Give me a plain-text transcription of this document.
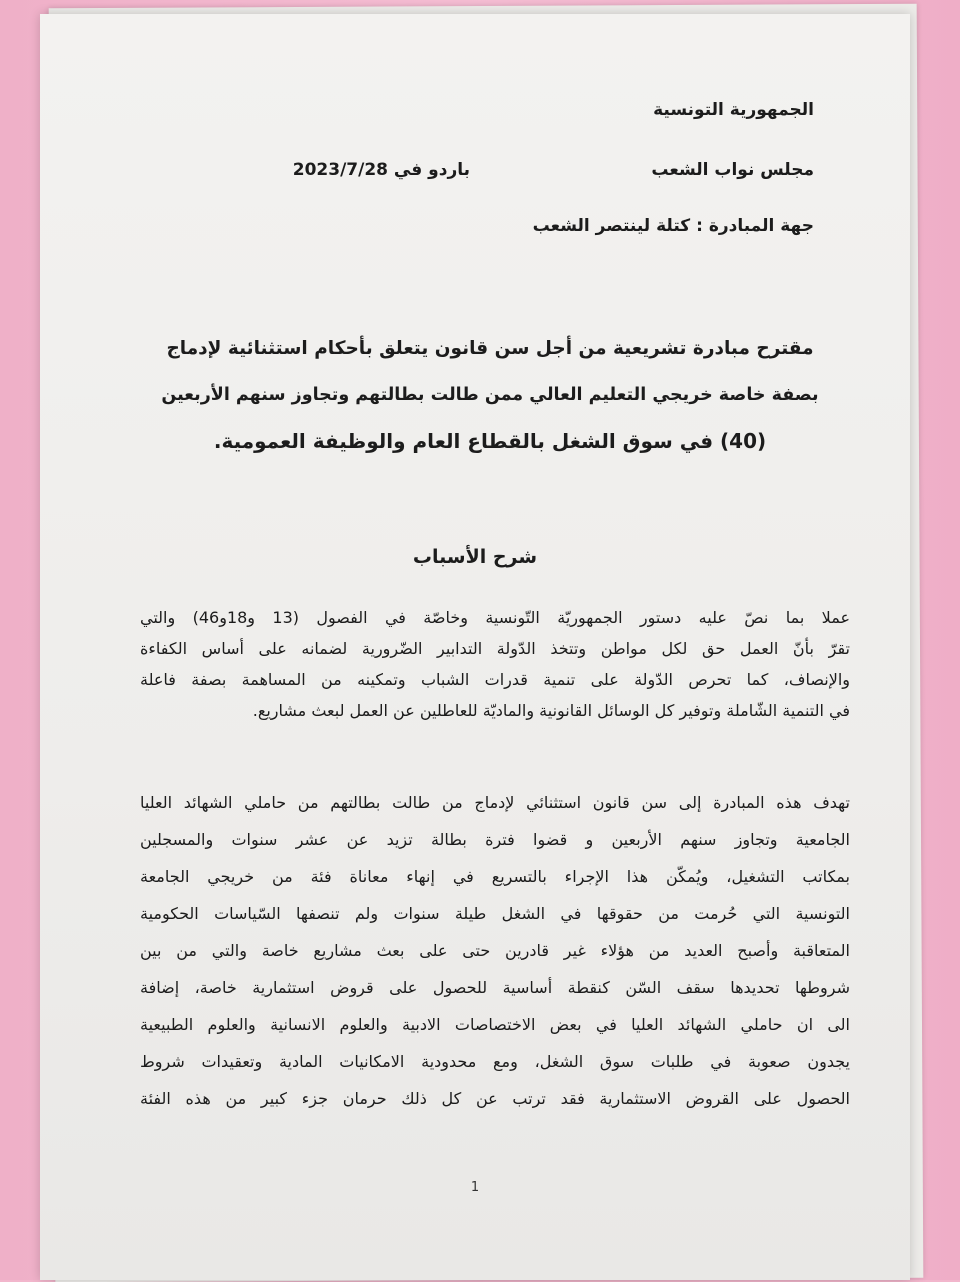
الجمهورية التونسية
مجلس نواب الشعب
باردو في 2023/7/28
جهة المبادرة : كتلة لينتصر الشعب
مقترح مبادرة تشريعية من أجل سن قانون يتعلق بأحكام استثنائية لإدماج
بصفة خاصة خريجي التعليم العالي ممن طالت بطالتهم وتجاوز سنهم الأربعين
(40) في سوق الشغل بالقطاع العام والوظيفة العمومية.
شرح الأسباب
عملا بما نصّ عليه دستور الجمهوريّة التّونسية وخاصّة في الفصول (13 و18و46) والتي
تقرّ بأنّ العمل حق لكل مواطن وتتخذ الدّولة التدابير الضّرورية لضمانه على أساس الكفاءة
والإنصاف، كما تحرص الدّولة على تنمية قدرات الشباب وتمكينه من المساهمة بصفة فاعلة
في التنمية الشّاملة وتوفير كل الوسائل القانونية والماديّة للعاطلين عن العمل لبعث مشاريع.
تهدف هذه المبادرة إلى سن قانون استثنائي لإدماج من طالت بطالتهم من حاملي الشهائد العليا
الجامعية وتجاوز سنهم الأربعين و قضوا فترة بطالة تزيد عن عشر سنوات والمسجلين
بمكاتب التشغيل، ويُمكّن هذا الإجراء بالتسريع في إنهاء معاناة فئة من خريجي الجامعة
التونسية التي حُرمت من حقوقها في الشغل طيلة سنوات ولم تنصفها السّياسات الحكومية
المتعاقبة وأصبح العديد من هؤلاء غير قادرين حتى على بعث مشاريع خاصة والتي من بين
شروطها تحديدها سقف السّن كنقطة أساسية للحصول على قروض استثمارية خاصة، إضافة
الى ان حاملي الشهائد العليا في بعض الاختصاصات الادبية والعلوم الانسانية والعلوم الطبيعية
يجدون صعوبة في طلبات سوق الشغل، ومع محدودية الامكانيات المادية وتعقيدات شروط
الحصول على القروض الاستثمارية فقد ترتب عن كل ذلك حرمان جزء كبير من هذه الفئة
1
